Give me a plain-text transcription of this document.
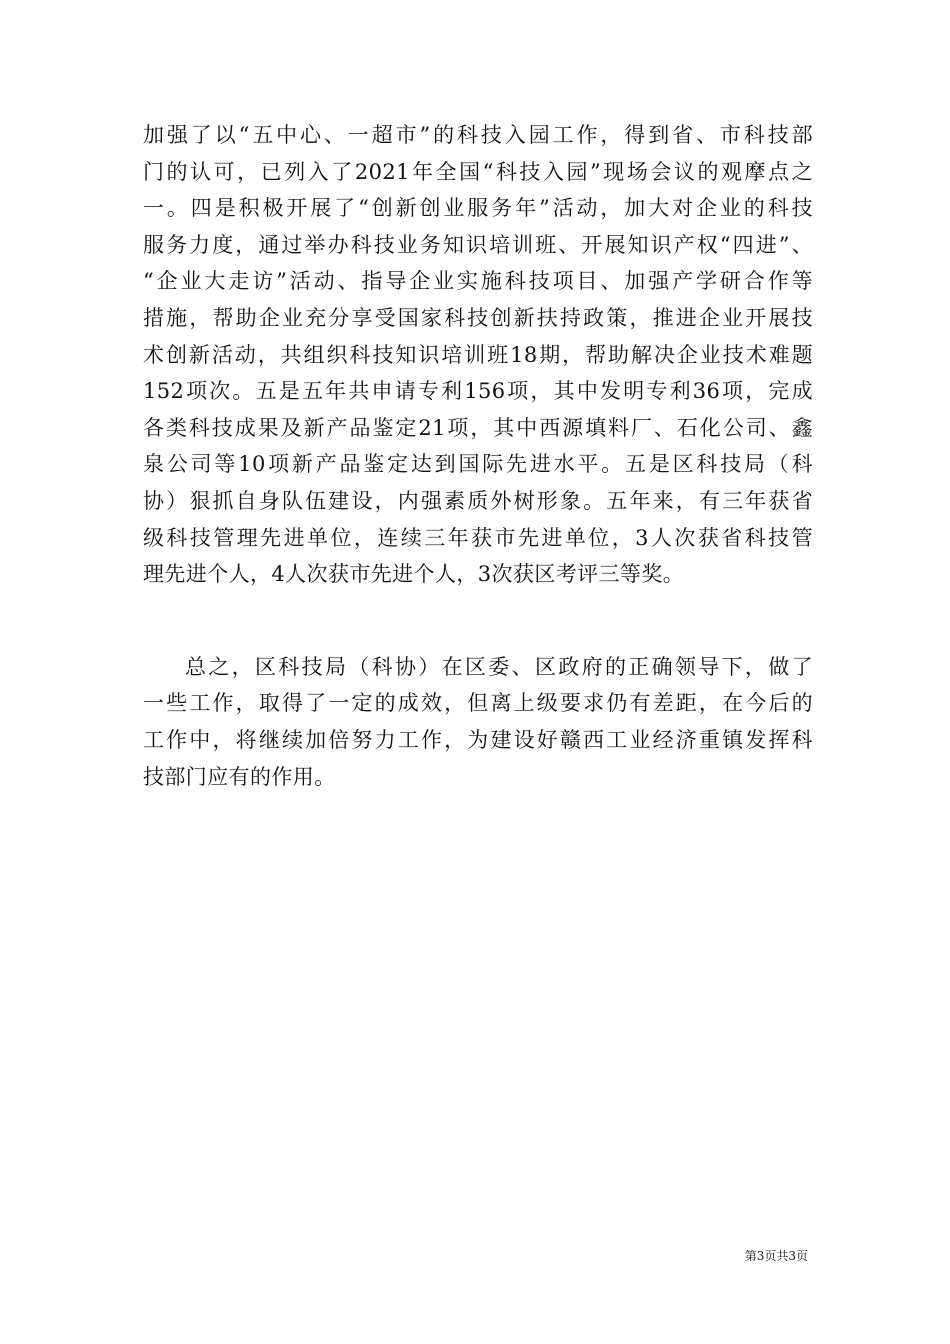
加强了以“五中心、一超市”的科技入园工作，得到省、市科技部
门的认可，已列入了2021年全国“科技入园”现场会议的观摩点之
一。四是积极开展了“创新创业服务年”活动，加大对企业的科技
服务力度，通过举办科技业务知识培训班、开展知识产权“四进”、
“企业大走访”活动、指导企业实施科技项目、加强产学研合作等
措施，帮助企业充分享受国家科技创新扶持政策，推进企业开展技
术创新活动，共组织科技知识培训班18期，帮助解决企业技术难题
152项次。五是五年共申请专利156项，其中发明专利36项，完成
各类科技成果及新产品鉴定21项，其中西源填料厂、石化公司、鑫
泉公司等10项新产品鉴定达到国际先进水平。五是区科技局（科
协）狠抓自身队伍建设，内强素质外树形象。五年来，有三年获省
级科技管理先进单位，连续三年获市先进单位，3人次获省科技管
理先进个人，4人次获市先进个人，3次获区考评三等奖。
总之，区科技局（科协）在区委、区政府的正确领导下，做了
一些工作，取得了一定的成效，但离上级要求仍有差距，在今后的
工作中，将继续加倍努力工作，为建设好赣西工业经济重镇发挥科
技部门应有的作用。
第3页共3页
